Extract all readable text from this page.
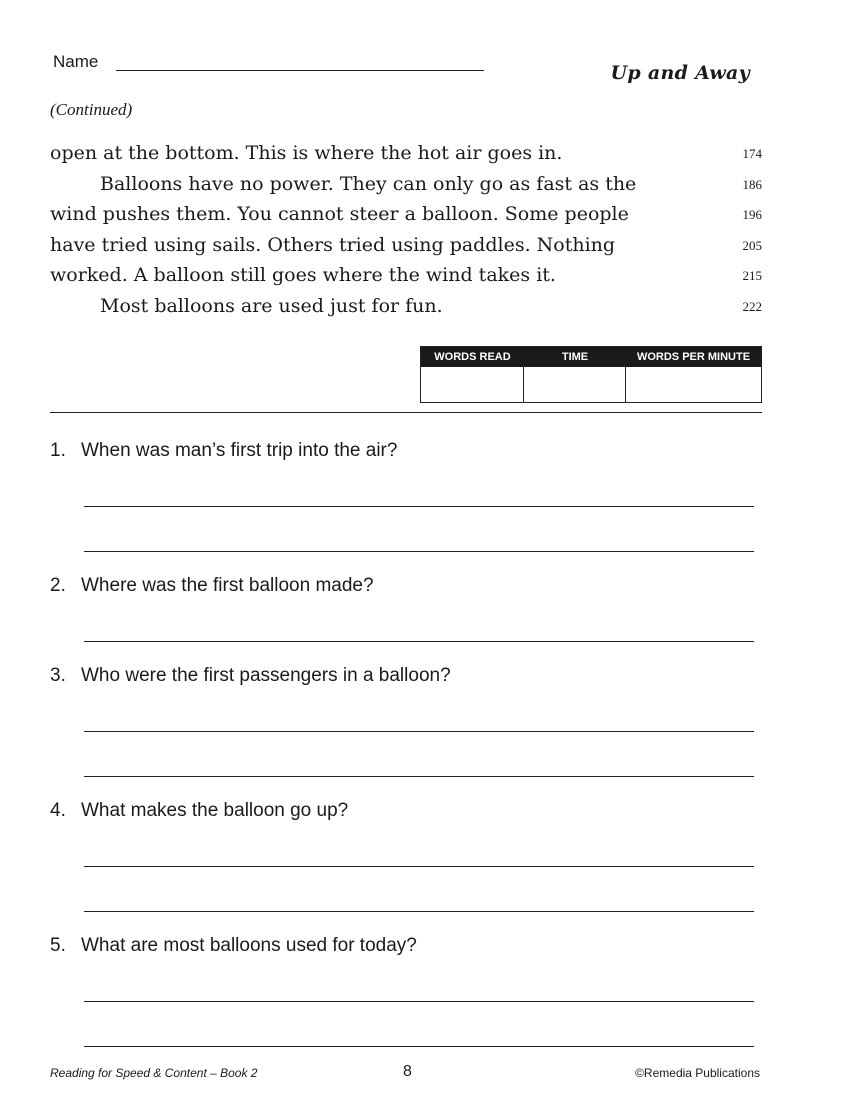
Name
Up and Away
(Continued)
open at the bottom. This is where the hot air goes in.	174
Balloons have no power. They can only go as fast as the	186
wind pushes them. You cannot steer a balloon. Some people	196
have tried using sails. Others tried using paddles. Nothing	205
worked. A balloon still goes where the wind takes it.	215
Most balloons are used just for fun.	222
WORDS READ	TIME	WORDS PER MINUTE
1. When was man’s first trip into the air?
2. Where was the first balloon made?
3. Who were the first passengers in a balloon?
4. What makes the balloon go up?
5. What are most balloons used for today?
Reading for Speed & Content – Book 2	8	©Remedia Publications
